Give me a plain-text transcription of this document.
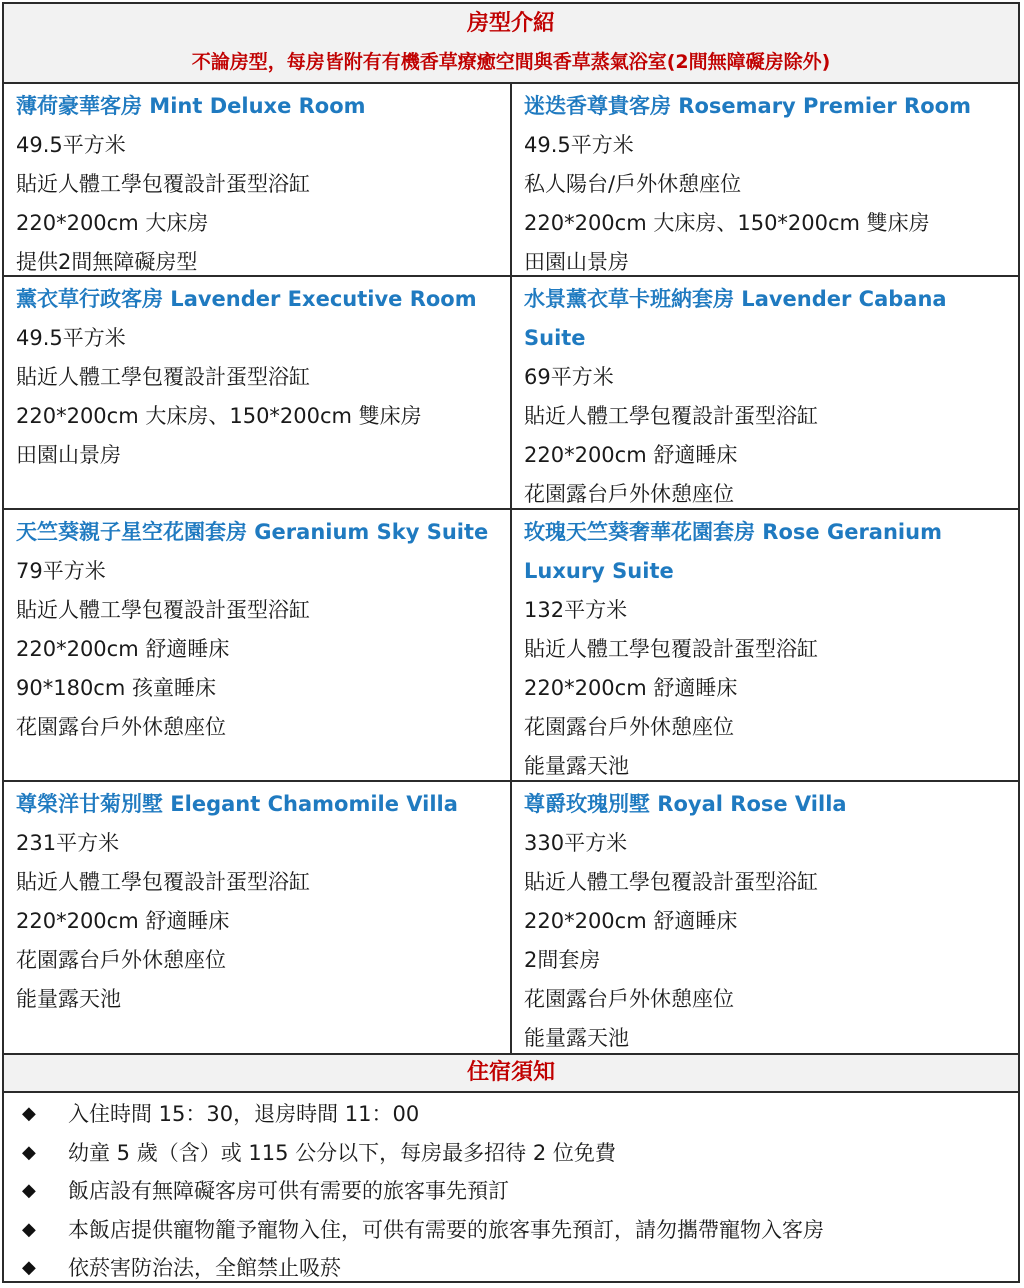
房型介紹
不論房型，每房皆附有有機香草療癒空間與香草蒸氣浴室(2間無障礙房除外)
薄荷豪華客房 Mint Deluxe Room
49.5平方米
貼近人體工學包覆設計蛋型浴缸
220*200cm 大床房
提供2間無障礙房型
迷迭香尊貴客房 Rosemary Premier Room
49.5平方米
私人陽台/戶外休憩座位
220*200cm 大床房、150*200cm 雙床房
田園山景房
薰衣草行政客房 Lavender Executive Room
49.5平方米
貼近人體工學包覆設計蛋型浴缸
220*200cm 大床房、150*200cm 雙床房
田園山景房
水景薰衣草卡班納套房 Lavender Cabana Suite
69平方米
貼近人體工學包覆設計蛋型浴缸
220*200cm 舒適睡床
花園露台戶外休憩座位
天竺葵親子星空花園套房 Geranium Sky Suite
79平方米
貼近人體工學包覆設計蛋型浴缸
220*200cm 舒適睡床
90*180cm 孩童睡床
花園露台戶外休憩座位
玫瑰天竺葵奢華花園套房 Rose Geranium Luxury Suite
132平方米
貼近人體工學包覆設計蛋型浴缸
220*200cm 舒適睡床
花園露台戶外休憩座位
能量露天池
尊榮洋甘菊別墅 Elegant Chamomile Villa
231平方米
貼近人體工學包覆設計蛋型浴缸
220*200cm 舒適睡床
花園露台戶外休憩座位
能量露天池
尊爵玫瑰別墅 Royal Rose Villa
330平方米
貼近人體工學包覆設計蛋型浴缸
220*200cm 舒適睡床
2間套房
花園露台戶外休憩座位
能量露天池
住宿須知
◆	入住時間 15：30，退房時間 11：00
◆	幼童 5 歲（含）或 115 公分以下，每房最多招待 2 位免費
◆	飯店設有無障礙客房可供有需要的旅客事先預訂
◆	本飯店提供寵物籠予寵物入住，可供有需要的旅客事先預訂，請勿攜帶寵物入客房
◆	依菸害防治法，全館禁止吸菸
